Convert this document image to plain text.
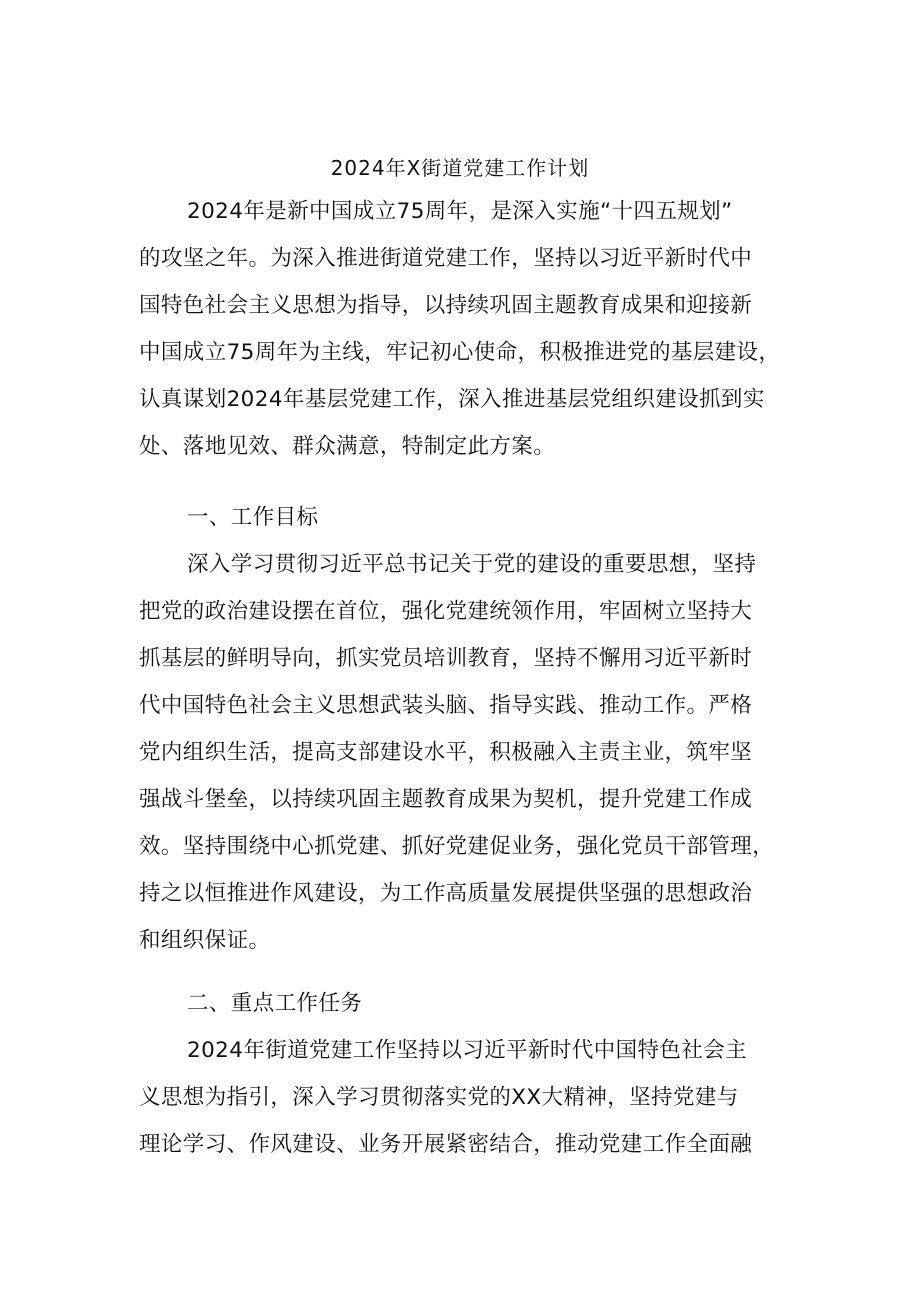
2024年X街道党建工作计划
2024年是新中国成立75周年，是深入实施“十四五规划”
的攻坚之年。为深入推进街道党建工作，坚持以习近平新时代中
国特色社会主义思想为指导，以持续巩固主题教育成果和迎接新
中国成立75周年为主线，牢记初心使命，积极推进党的基层建设，
认真谋划2024年基层党建工作，深入推进基层党组织建设抓到实
处、落地见效、群众满意，特制定此方案。
一、工作目标
深入学习贯彻习近平总书记关于党的建设的重要思想，坚持
把党的政治建设摆在首位，强化党建统领作用，牢固树立坚持大
抓基层的鲜明导向，抓实党员培训教育，坚持不懈用习近平新时
代中国特色社会主义思想武装头脑、指导实践、推动工作。严格
党内组织生活，提高支部建设水平，积极融入主责主业，筑牢坚
强战斗堡垒，以持续巩固主题教育成果为契机，提升党建工作成
效。坚持围绕中心抓党建、抓好党建促业务，强化党员干部管理，
持之以恒推进作风建设，为工作高质量发展提供坚强的思想政治
和组织保证。
二、重点工作任务
2024年街道党建工作坚持以习近平新时代中国特色社会主
义思想为指引，深入学习贯彻落实党的XX大精神，坚持党建与
理论学习、作风建设、业务开展紧密结合，推动党建工作全面融
